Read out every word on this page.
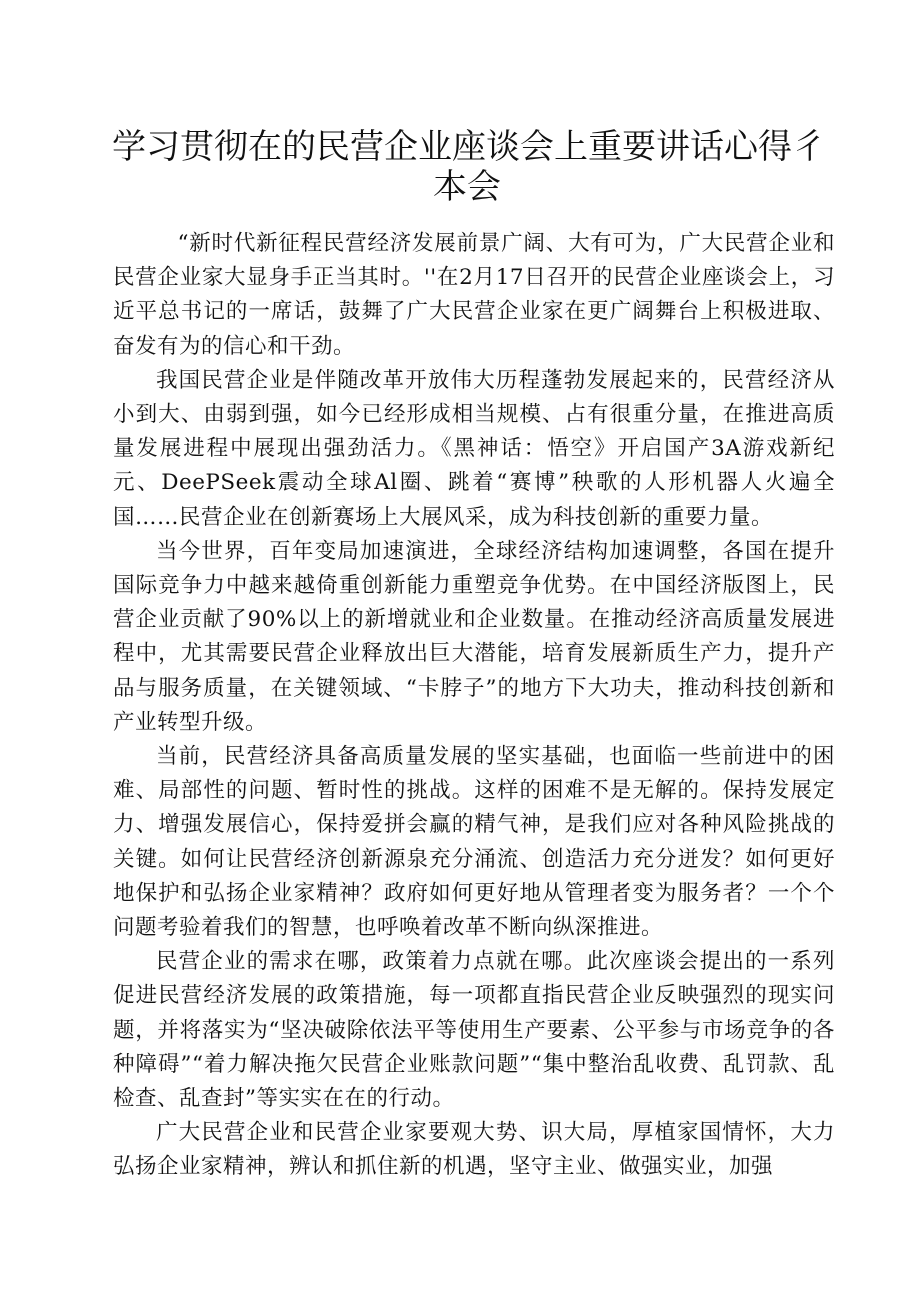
学习贯彻在的民营企业座谈会上重要讲话心得彳
本会

“新时代新征程民营经济发展前景广阔、大有可为，广大民营企业和民营企业家大显身手正当其时。''在2月17日召开的民营企业座谈会上，习近平总书记的一席话，鼓舞了广大民营企业家在更广阔舞台上积极进取、奋发有为的信心和干劲。

我国民营企业是伴随改革开放伟大历程蓬勃发展起来的，民营经济从小到大、由弱到强，如今已经形成相当规模、占有很重分量，在推进高质量发展进程中展现出强劲活力。《黑神话：悟空》开启国产3A游戏新纪元、DeePSeek震动全球Al圈、跳着“赛博”秧歌的人形机器人火遍全国……民营企业在创新赛场上大展风采，成为科技创新的重要力量。

当今世界，百年变局加速演进，全球经济结构加速调整，各国在提升国际竞争力中越来越倚重创新能力重塑竞争优势。在中国经济版图上，民营企业贡献了90%以上的新增就业和企业数量。在推动经济高质量发展进程中，尤其需要民营企业释放出巨大潜能，培育发展新质生产力，提升产品与服务质量，在关键领域、“卡脖子”的地方下大功夫，推动科技创新和产业转型升级。

当前，民营经济具备高质量发展的坚实基础，也面临一些前进中的困难、局部性的问题、暂时性的挑战。这样的困难不是无解的。保持发展定力、增强发展信心，保持爱拼会赢的精气神，是我们应对各种风险挑战的关键。如何让民营经济创新源泉充分涌流、创造活力充分迸发？如何更好地保护和弘扬企业家精神？政府如何更好地从管理者变为服务者？一个个问题考验着我们的智慧，也呼唤着改革不断向纵深推进。

民营企业的需求在哪，政策着力点就在哪。此次座谈会提出的一系列促进民营经济发展的政策措施，每一项都直指民营企业反映强烈的现实问题，并将落实为“坚决破除依法平等使用生产要素、公平参与市场竞争的各种障碍”“着力解决拖欠民营企业账款问题”“集中整治乱收费、乱罚款、乱检查、乱查封”等实实在在的行动。

广大民营企业和民营企业家要观大势、识大局，厚植家国情怀，大力弘扬企业家精神，辨认和抓住新的机遇，坚守主业、做强实业，加强
